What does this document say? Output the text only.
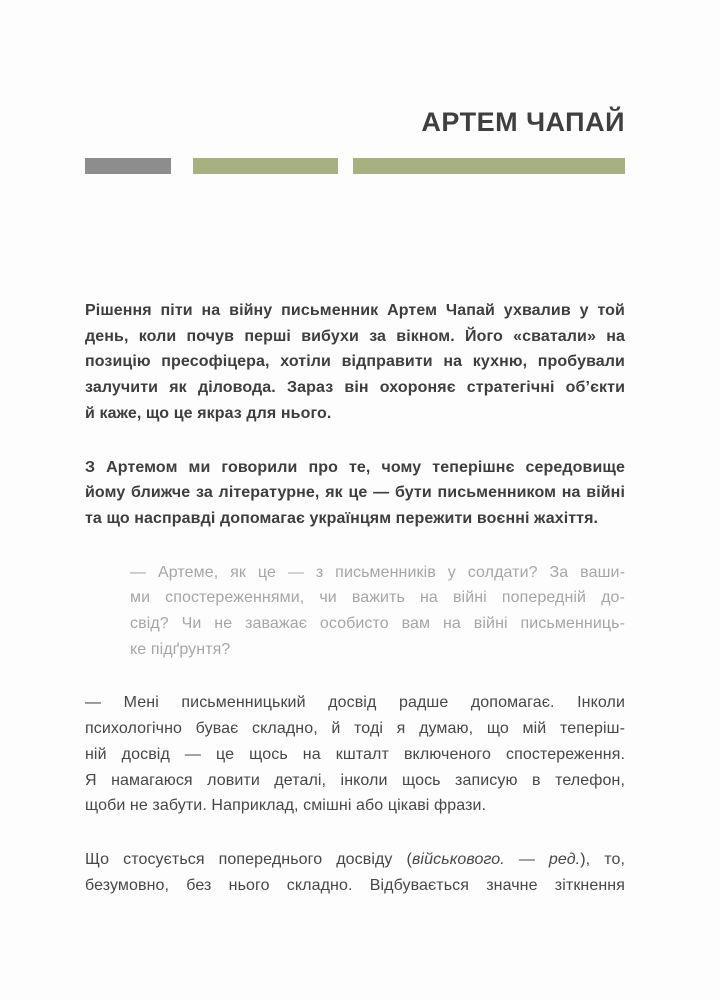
АРТЕМ ЧАПАЙ
Рішення піти на війну письменник Артем Чапай ухвалив у той
день, коли почув перші вибухи за вікном. Його «сватали» на
позицію пресофіцера, хотіли відправити на кухню, пробували
залучити як діловода. Зараз він охороняє стратегічні об’єкти
й каже, що це якраз для нього.
З Артемом ми говорили про те, чому теперішнє середовище
йому ближче за літературне, як це — бути письменником на війні
та що насправді допомагає українцям пережити воєнні жахіття.
— Артеме, як це — з письменників у солдати? За ваши-
ми спостереженнями, чи важить на війні попередній до-
свід? Чи не заважає особисто вам на війні письменниць-
ке підґрунтя?
— Мені письменницький досвід радше допомагає. Інколи
психологічно буває складно, й тоді я думаю, що мій теперіш-
ній досвід — це щось на кшталт включеного спостереження.
Я намагаюся ловити деталі, інколи щось записую в телефон,
щоби не забути. Наприклад, смішні або цікаві фрази.
Що стосується попереднього досвіду (військового. — ред.), то,
безумовно, без нього складно. Відбувається значне зіткнення
